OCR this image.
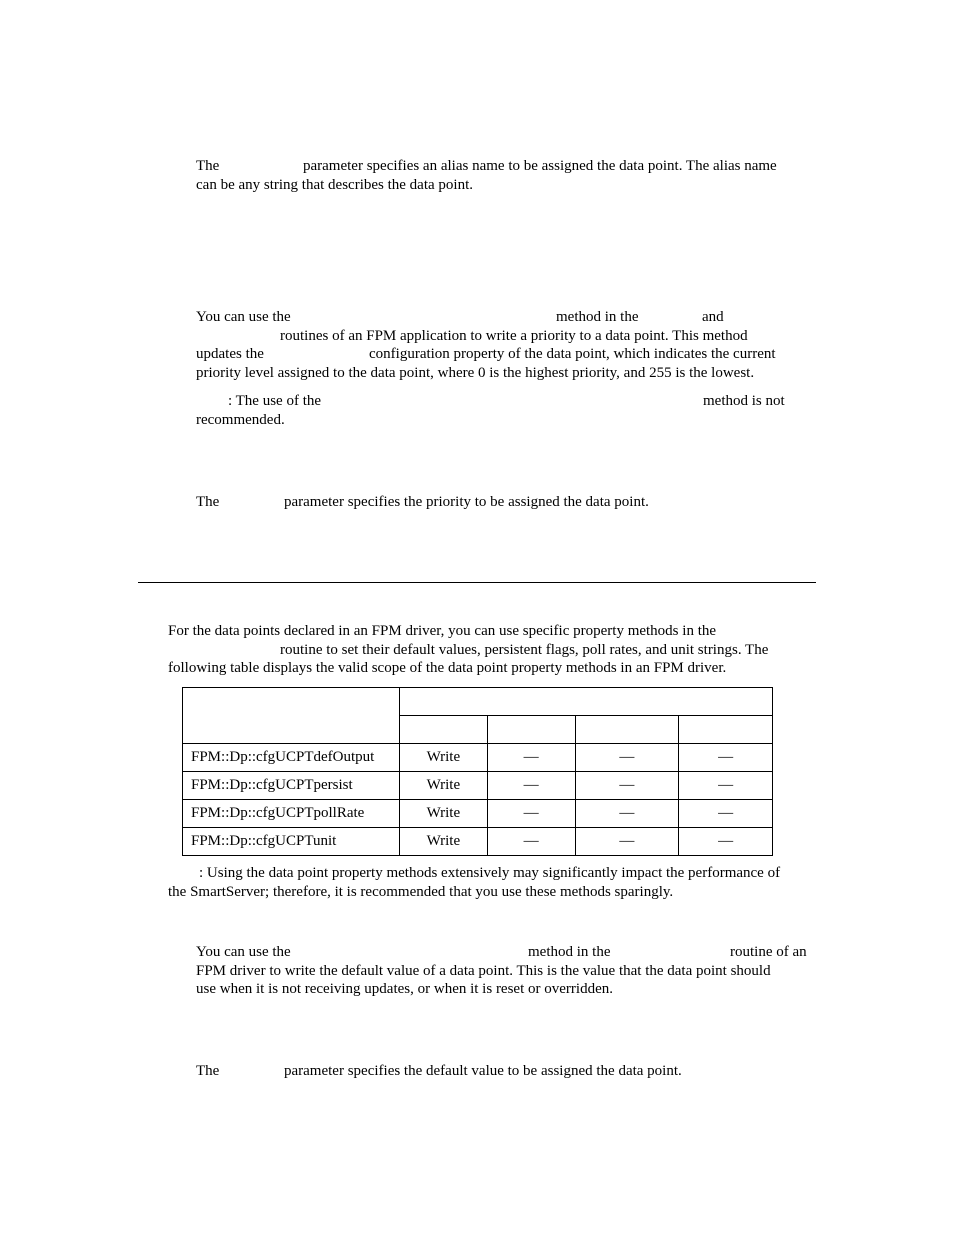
The	parameter specifies an alias name to be assigned the data point. The alias name
can be any string that describes the data point.
You can use the	method in the	and
routines of an FPM application to write a priority to a data point. This method
updates the	configuration property of the data point, which indicates the current
priority level assigned to the data point, where 0 is the highest priority, and 255 is the lowest.
: The use of the	method is not
recommended.
The	parameter specifies the priority to be assigned the data point.
For the data points declared in an FPM driver, you can use specific property methods in the
routine to set their default values, persistent flags, poll rates, and unit strings. The
following table displays the valid scope of the data point property methods in an FPM driver.

FPM::Dp::cfgUCPTdefOutput	Write	—	—	—
FPM::Dp::cfgUCPTpersist	Write	—	—	—
FPM::Dp::cfgUCPTpollRate	Write	—	—	—
FPM::Dp::cfgUCPTunit	Write	—	—	—
: Using the data point property methods extensively may significantly impact the performance of
the SmartServer; therefore, it is recommended that you use these methods sparingly.
You can use the	method in the	routine of an
FPM driver to write the default value of a data point. This is the value that the data point should
use when it is not receiving updates, or when it is reset or overridden.
The	parameter specifies the default value to be assigned the data point.
